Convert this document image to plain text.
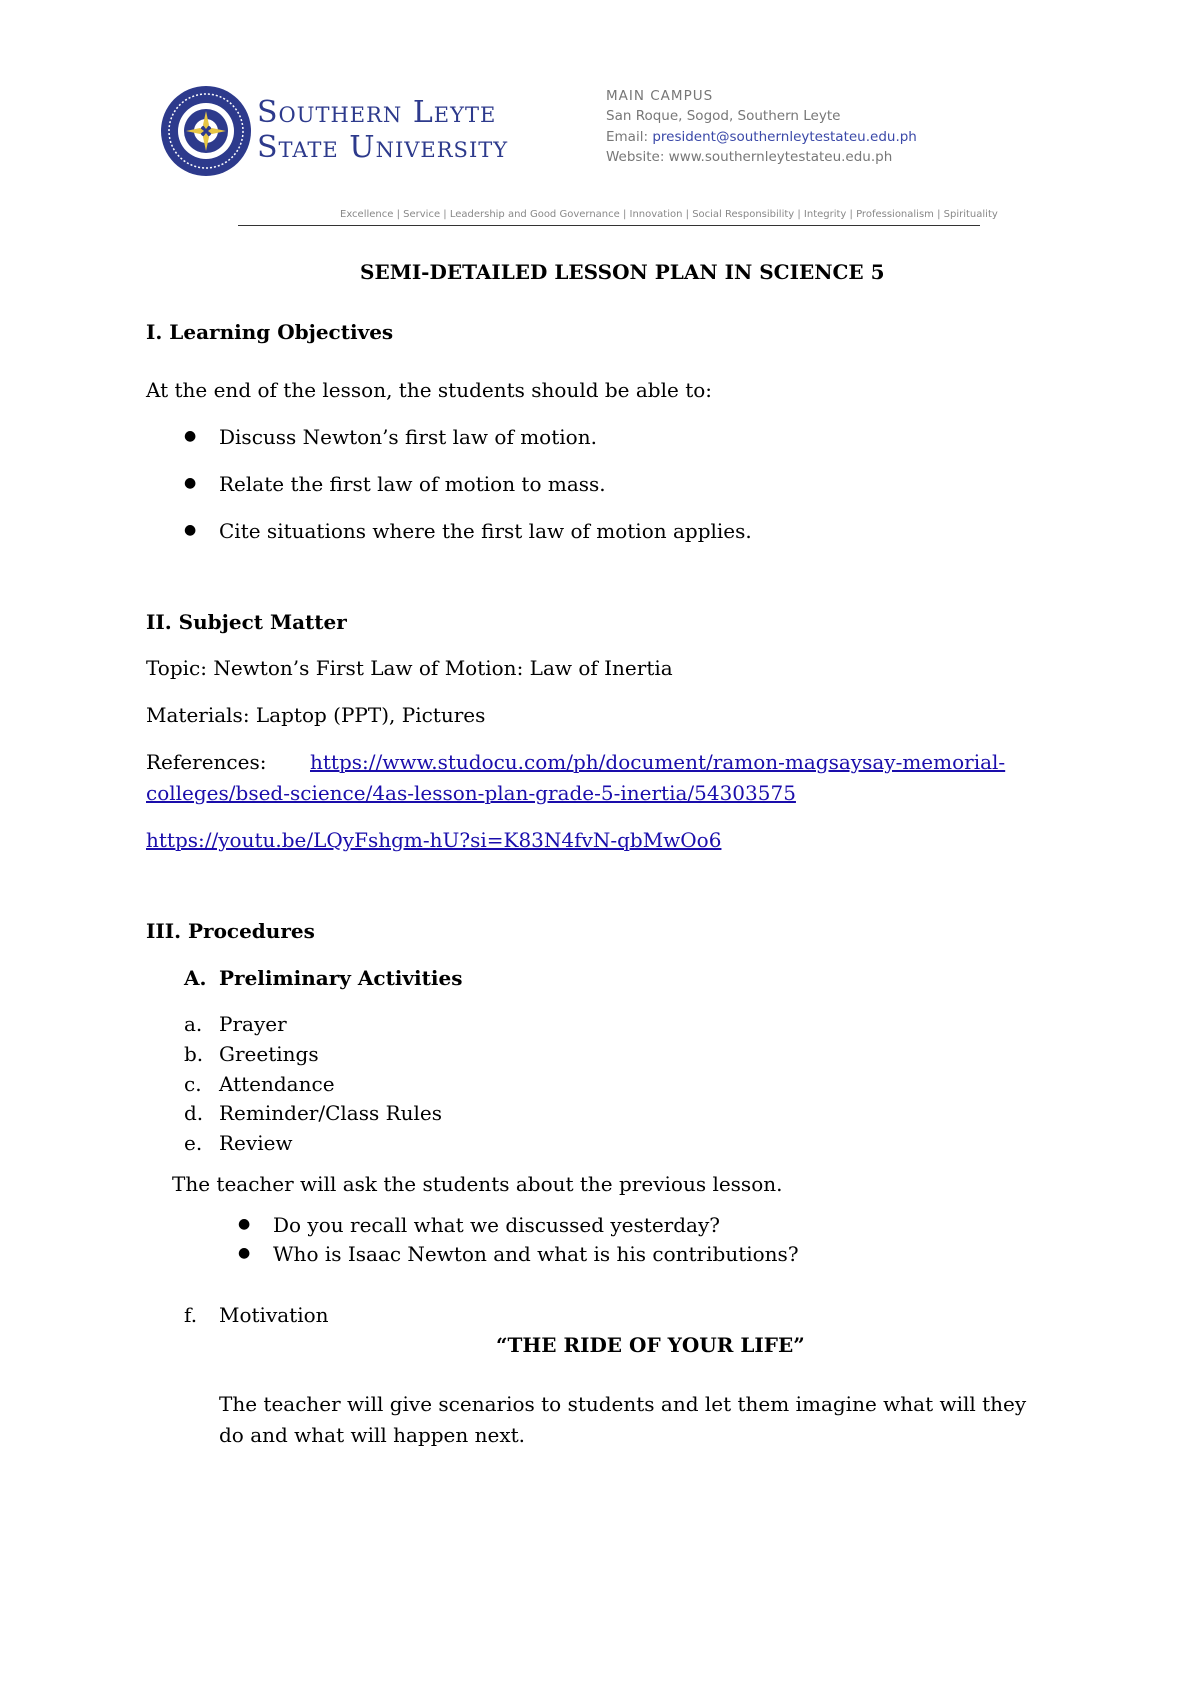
Southern Leyte
State University
MAIN CAMPUS
San Roque, Sogod, Southern Leyte
Email: president@southernleytestateu.edu.ph
Website: www.southernleytestateu.edu.ph
Excellence | Service | Leadership and Good Governance | Innovation | Social Responsibility | Integrity | Professionalism | Spirituality
SEMI-DETAILED LESSON PLAN IN SCIENCE 5
I. Learning Objectives
At the end of the lesson, the students should be able to:
● Discuss Newton’s first law of motion.
● Relate the first law of motion to mass.
● Cite situations where the first law of motion applies.
II. Subject Matter
Topic: Newton’s First Law of Motion: Law of Inertia
Materials: Laptop (PPT), Pictures
References: https://www.studocu.com/ph/document/ramon-magsaysay-memorial-
colleges/bsed-science/4as-lesson-plan-grade-5-inertia/54303575
https://youtu.be/LQyFshgm-hU?si=K83N4fvN-qbMwOo6
III. Procedures
A. Preliminary Activities
a. Prayer
b. Greetings
c. Attendance
d. Reminder/Class Rules
e. Review
The teacher will ask the students about the previous lesson.
● Do you recall what we discussed yesterday?
● Who is Isaac Newton and what is his contributions?
f. Motivation
“THE RIDE OF YOUR LIFE”
The teacher will give scenarios to students and let them imagine what will they
do and what will happen next.
